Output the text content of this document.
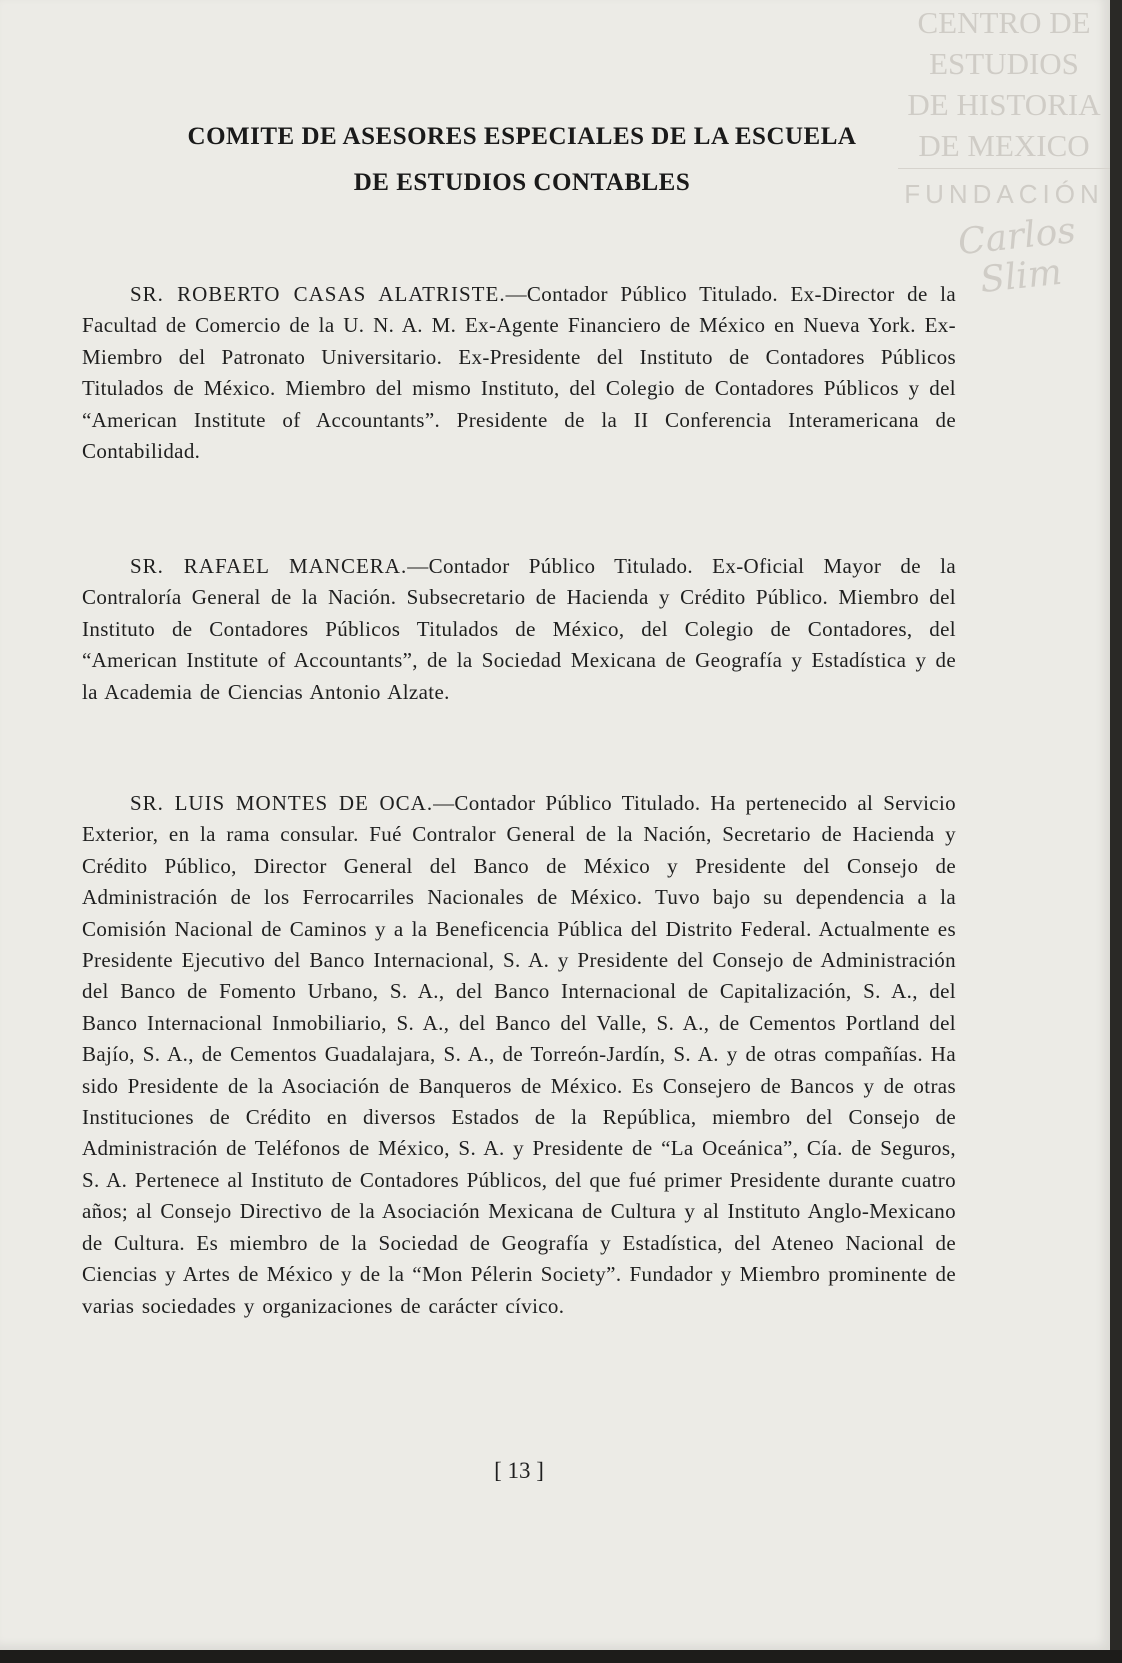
CENTRO DE
ESTUDIOS
DE HISTORIA
DE MEXICO
FUNDACIÓN
Carlos Slim
COMITE DE ASESORES ESPECIALES DE LA ESCUELA
DE ESTUDIOS CONTABLES

SR. ROBERTO CASAS ALATRISTE.—Contador Público Titulado. Ex-Director de la Facultad de Comercio de la U. N. A. M. Ex-Agente Financiero de México en Nueva York. Ex-Miembro del Patronato Universitario. Ex-Presidente del Instituto de Contadores Públicos Titulados de México. Miembro del mismo Instituto, del Colegio de Contadores Públicos y del “American Institute of Accountants”. Presidente de la II Conferencia Interamericana de Contabilidad.

SR. RAFAEL MANCERA.—Contador Público Titulado. Ex-Oficial Mayor de la Contraloría General de la Nación. Subsecretario de Hacienda y Crédito Público. Miembro del Instituto de Contadores Públicos Titulados de México, del Colegio de Contadores, del “American Institute of Accountants”, de la Sociedad Mexicana de Geografía y Estadística y de la Academia de Ciencias Antonio Alzate.

SR. LUIS MONTES DE OCA.—Contador Público Titulado. Ha pertenecido al Servicio Exterior, en la rama consular. Fué Contralor General de la Nación, Secretario de Hacienda y Crédito Público, Director General del Banco de México y Presidente del Consejo de Administración de los Ferrocarriles Nacionales de México. Tuvo bajo su dependencia a la Comisión Nacional de Caminos y a la Beneficencia Pública del Distrito Federal. Actualmente es Presidente Ejecutivo del Banco Internacional, S. A. y Presidente del Consejo de Administración del Banco de Fomento Urbano, S. A., del Banco Internacional de Capitalización, S. A., del Banco Internacional Inmobiliario, S. A., del Banco del Valle, S. A., de Cementos Portland del Bajío, S. A., de Cementos Guadalajara, S. A., de Torreón-Jardín, S. A. y de otras compañías. Ha sido Presidente de la Asociación de Banqueros de México. Es Consejero de Bancos y de otras Instituciones de Crédito en diversos Estados de la República, miembro del Consejo de Administración de Teléfonos de México, S. A. y Presidente de “La Oceánica”, Cía. de Seguros, S. A. Pertenece al Instituto de Contadores Públicos, del que fué primer Presidente durante cuatro años; al Consejo Directivo de la Asociación Mexicana de Cultura y al Instituto Anglo-Mexicano de Cultura. Es miembro de la Sociedad de Geografía y Estadística, del Ateneo Nacional de Ciencias y Artes de México y de la “Mon Pélerin Society”. Fundador y Miembro prominente de varias sociedades y organizaciones de carácter cívico.

[ 13 ]
